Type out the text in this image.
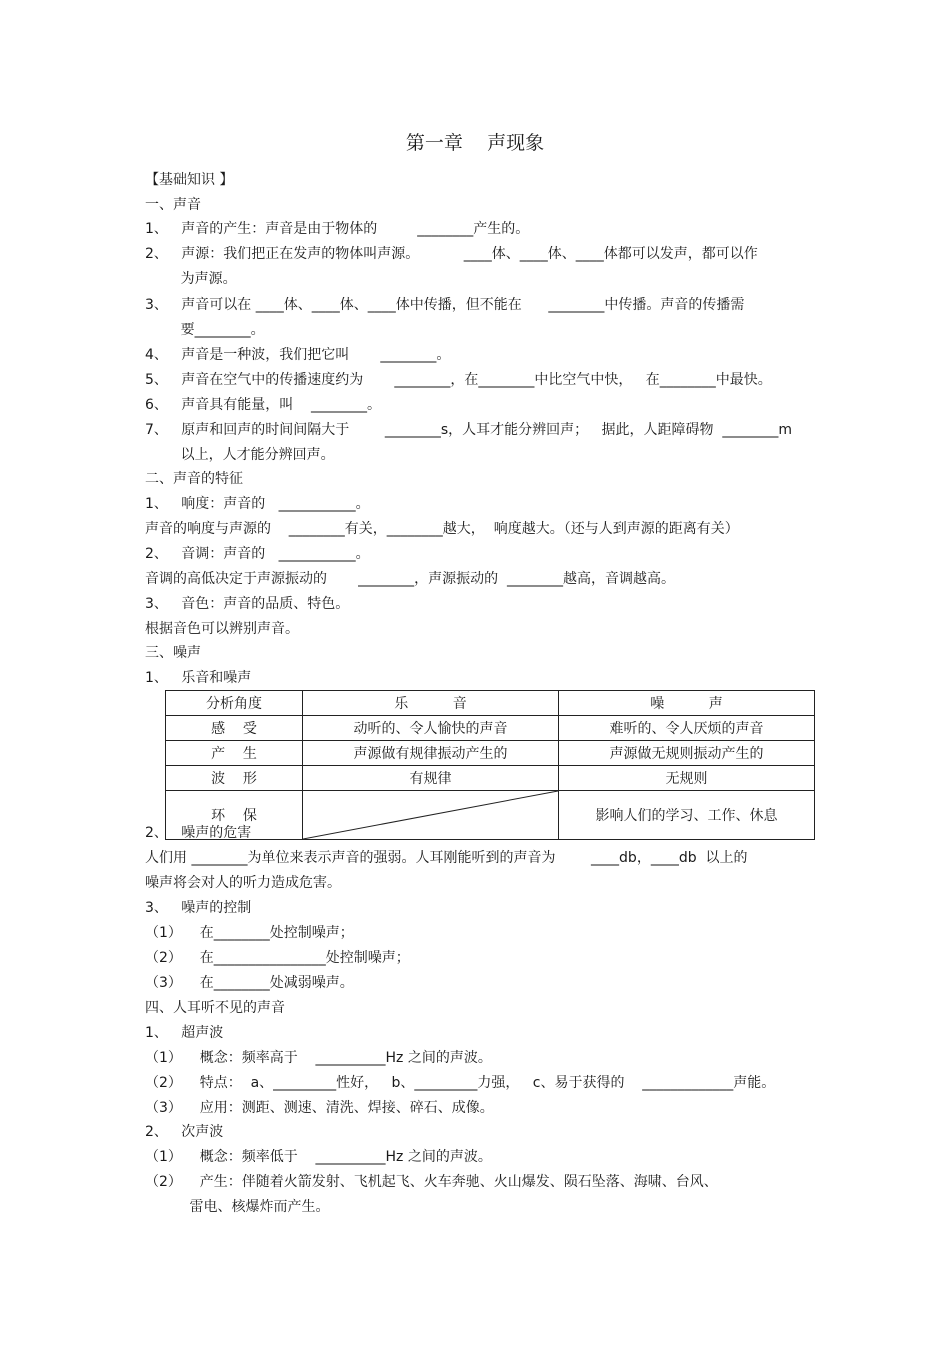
第一章    声现象
【基础知识 】
一、声音
1、   声音的产生：声音是由于物体的         ________产生的。
2、   声源：我们把正在发声的物体叫声源。          ____体、____体、____体都可以发声，都可以作
为声源。
3、   声音可以在 ____体、____体、____体中传播，但不能在      ________中传播。声音的传播需
要________。
4、   声音是一种波，我们把它叫       ________。
5、   声音在空气中的传播速度约为       ________，在________中比空气中快，   在________中最快。
6、   声音具有能量，叫    ________。
7、   原声和回声的时间间隔大于        ________s，人耳才能分辨回声；   据此，人距障碍物  ________m
以上，人才能分辨回声。
二、声音的特征
1、   响度：声音的   ___________。
声音的响度与声源的    ________有关，________越大，  响度越大。（还与人到声源的距离有关）
2、   音调：声音的   ___________。
音调的高低决定于声源振动的       ________，声源振动的  ________越高，音调越高。
3、   音色：声音的品质、特色。
根据音色可以辨别声音。
三、噪声
1、   乐音和噪声
分析角度	乐          音	噪          声
感    受	动听的、令人愉快的声音	难听的、令人厌烦的声音
产    生	声源做有规律振动产生的	声源做无规则振动产生的
波    形	有规律	无规则
环    保		影响人们的学习、工作、休息
2、   噪声的危害
人们用 ________为单位来表示声音的强弱。人耳刚能听到的声音为        ____db，____db  以上的
噪声将会对人的听力造成危害。
3、   噪声的控制
（1）    在________处控制噪声；
（2）    在________________处控制噪声；
（3）    在________处减弱噪声。
四、人耳听不见的声音
1、   超声波
（1）    概念：频率高于    __________Hz 之间的声波。
（2）    特点：  a、_________性好，   b、_________力强，   c、易于获得的    _____________声能。
（3）    应用：测距、测速、清洗、焊接、碎石、成像。
2、   次声波
（1）    概念：频率低于    __________Hz 之间的声波。
（2）    产生：伴随着火箭发射、飞机起飞、火车奔驰、火山爆发、陨石坠落、海啸、台风、
雷电、核爆炸而产生。
